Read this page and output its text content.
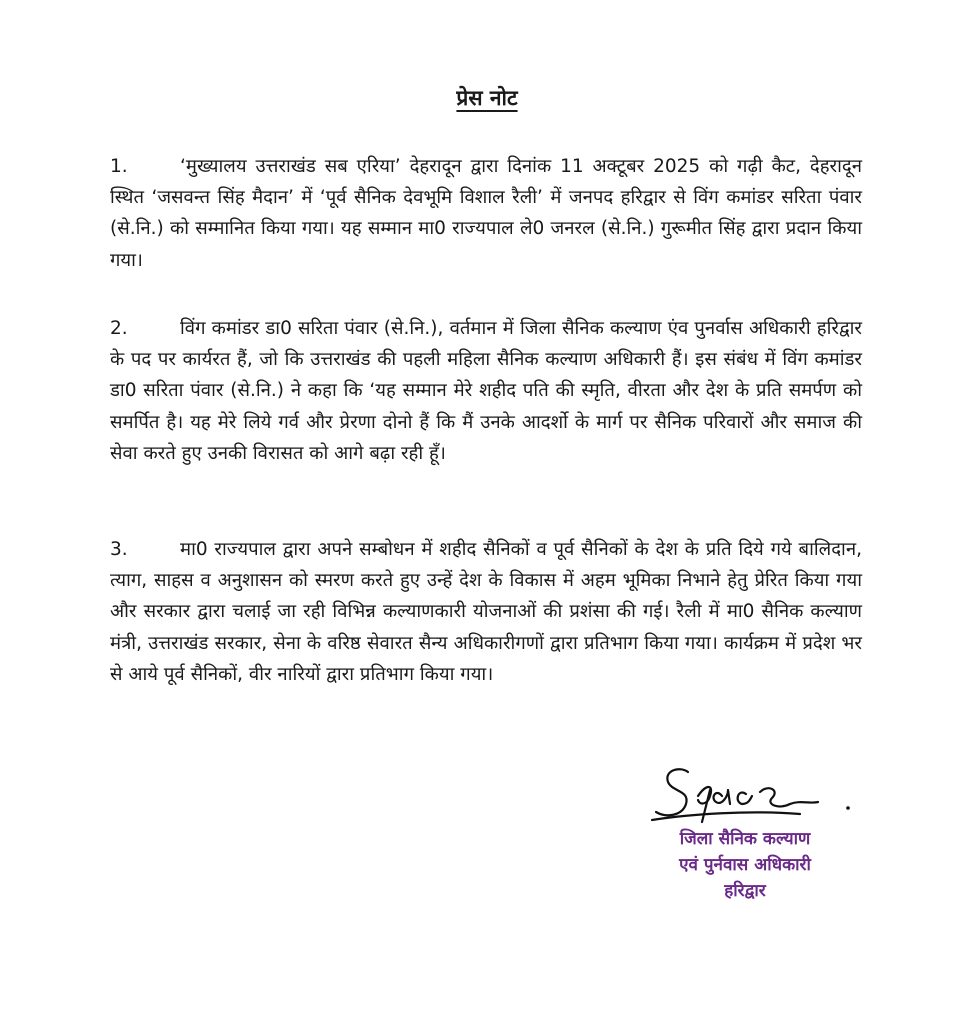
प्रेस नोट
1.	‘मुख्यालय उत्तराखंड सब एरिया’ देहरादून द्वारा दिनांक 11 अक्टूबर 2025 को गढ़ी कैट, देहरादून स्थित ‘जसवन्त सिंह मैदान’ में ‘पूर्व सैनिक देवभूमि विशाल रैली’ में जनपद हरिद्वार से विंग कमांडर सरिता पंवार (से.नि.) को सम्मानित किया गया। यह सम्मान मा0 राज्यपाल ले0 जनरल (से.नि.) गुरूमीत सिंह द्वारा प्रदान किया गया।
2.	विंग कमांडर डा0 सरिता पंवार (से.नि.), वर्तमान में जिला सैनिक कल्याण एंव पुनर्वास अधिकारी हरिद्वार के पद पर कार्यरत हैं, जो कि उत्तराखंड की पहली महिला सैनिक कल्याण अधिकारी हैं। इस संबंध में विंग कमांडर डा0 सरिता पंवार (से.नि.) ने कहा कि ‘यह सम्मान मेरे शहीद पति की स्मृति, वीरता और देश के प्रति समर्पण को समर्पित है। यह मेरे लिये गर्व और प्रेरणा दोनो हैं कि मैं उनके आदर्शो के मार्ग पर सैनिक परिवारों और समाज की सेवा करते हुए उनकी विरासत को आगे बढ़ा रही हूँ।
3.	मा0 राज्यपाल द्वारा अपने सम्बोधन में शहीद सैनिकों व पूर्व सैनिकों के देश के प्रति दिये गये बालिदान, त्याग, साहस व अनुशासन को स्मरण करते हुए उन्हें देश के विकास में अहम भूमिका निभाने हेतु प्रेरित किया गया और सरकार द्वारा चलाई जा रही विभिन्न कल्याणकारी योजनाओं की प्रशंसा की गई। रैली में मा0 सैनिक कल्याण मंत्री, उत्तराखंड सरकार, सेना के वरिष्ठ सेवारत सैन्य अधिकारीगणों द्वारा प्रतिभाग किया गया। कार्यक्रम में प्रदेश भर से आये पूर्व सैनिकों, वीर नारियों द्वारा प्रतिभाग किया गया।
जिला सैनिक कल्याण
एवं पुर्नवास अधिकारी
हरिद्वार
